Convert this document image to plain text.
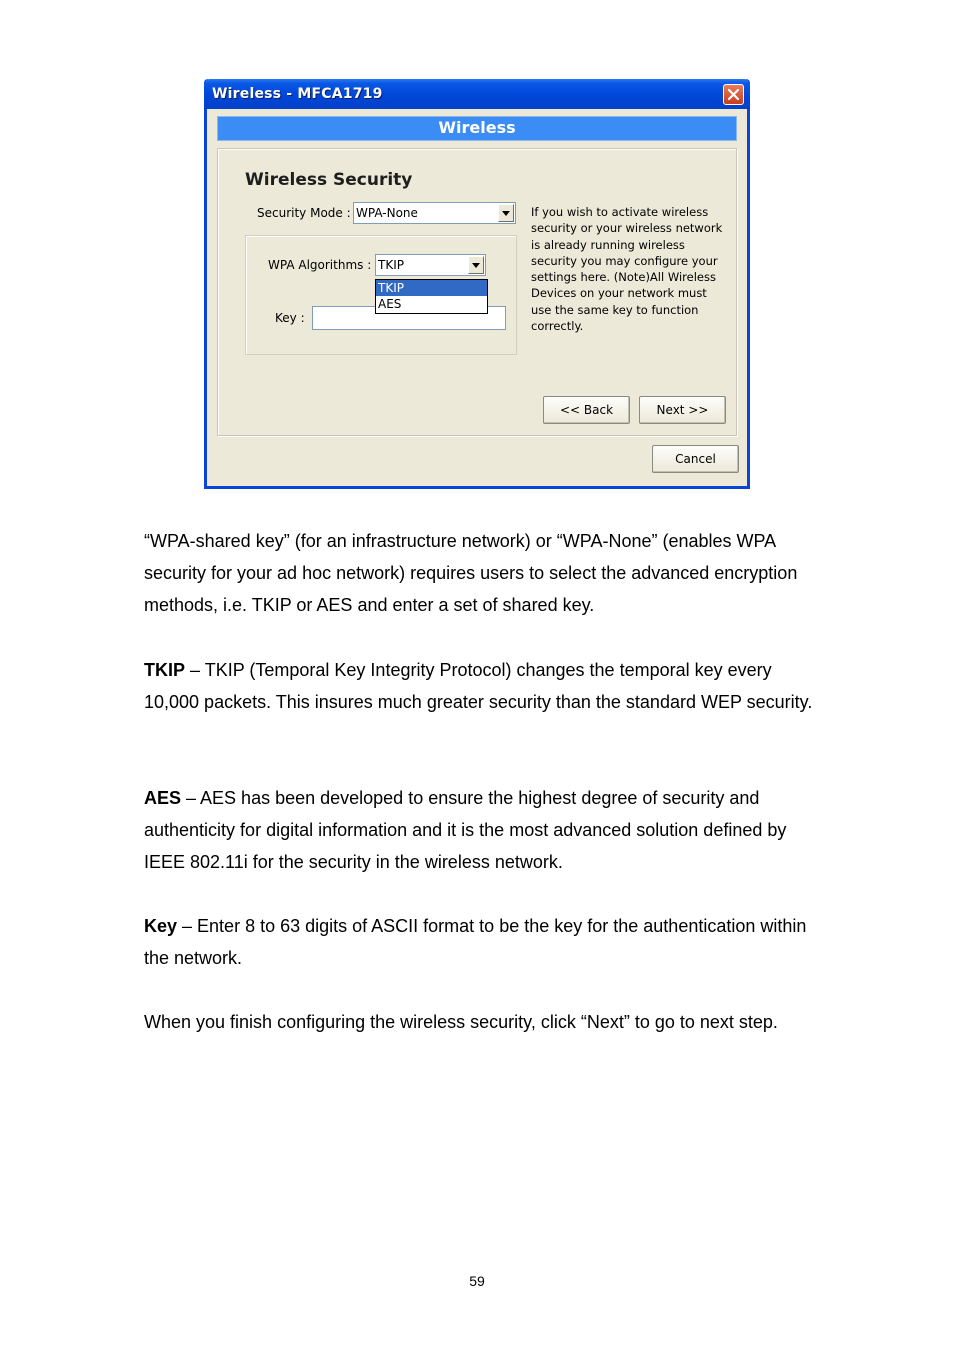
Wireless - MFCA1719
Wireless
Wireless Security
Security Mode : WPA-None
WPA Algorithms : TKIP
Key :
TKIP
AES
If you wish to activate wireless security or your wireless network is already running wireless security you may configure your settings here. (Note)All Wireless Devices on your network must use the same key to function correctly.
<< Back	Next >>
Cancel

“WPA-shared key” (for an infrastructure network) or “WPA-None” (enables WPA security for your ad hoc network) requires users to select the advanced encryption methods, i.e. TKIP or AES and enter a set of shared key.

TKIP – TKIP (Temporal Key Integrity Protocol) changes the temporal key every 10,000 packets. This insures much greater security than the standard WEP security.

AES – AES has been developed to ensure the highest degree of security and authenticity for digital information and it is the most advanced solution defined by IEEE 802.11i for the security in the wireless network.

Key – Enter 8 to 63 digits of ASCII format to be the key for the authentication within the network.

When you finish configuring the wireless security, click “Next” to go to next step.

59
